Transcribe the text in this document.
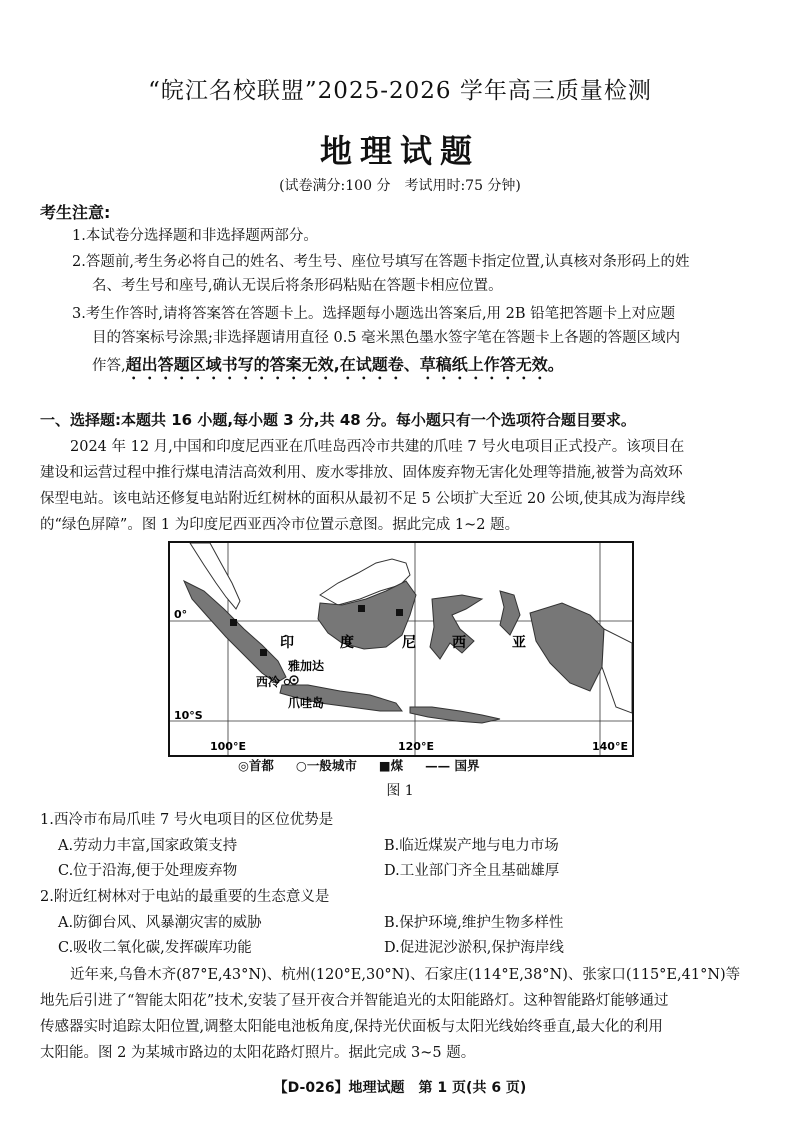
“皖江名校联盟”2025-2026 学年高三质量检测
地理试题
(试卷满分:100 分　考试用时:75 分钟)
考生注意:
1.本试卷分选择题和非选择题两部分。
2.答题前,考生务必将自己的姓名、考生号、座位号填写在答题卡指定位置,认真核对条形码上的姓
名、考生号和座号,确认无误后将条形码粘贴在答题卡相应位置。
3.考生作答时,请将答案答在答题卡上。选择题每小题选出答案后,用 2B 铅笔把答题卡上对应题
目的答案标号涂黑;非选择题请用直径 0.5 毫米黑色墨水签字笔在答题卡上各题的答题区域内
作答,超出答题区域书写的答案无效,在试题卷、草稿纸上作答无效。
一、选择题:本题共 16 小题,每小题 3 分,共 48 分。每小题只有一个选项符合题目要求。
2024 年 12 月,中国和印度尼西亚在爪哇岛西冷市共建的爪哇 7 号火电项目正式投产。该项目在
建设和运营过程中推行煤电清洁高效利用、废水零排放、固体废弃物无害化处理等措施,被誉为高效环
保型电站。该电站还修复电站附近红树林的面积从最初不足 5 公顷扩大至近 20 公顷,使其成为海岸线
的“绿色屏障”。图 1 为印度尼西亚西冷市位置示意图。据此完成 1~2 题。
0°
10°S
100°E	120°E	140°E
印	度	尼	西	亚
雅加达
西冷
爪哇岛
◎首都 ○一般城市 ■煤 —— 国界
图 1
1.西冷市布局爪哇 7 号火电项目的区位优势是
A.劳动力丰富,国家政策支持	B.临近煤炭产地与电力市场
C.位于沿海,便于处理废弃物	D.工业部门齐全且基础雄厚
2.附近红树林对于电站的最重要的生态意义是
A.防御台风、风暴潮灾害的威胁	B.保护环境,维护生物多样性
C.吸收二氧化碳,发挥碳库功能	D.促进泥沙淤积,保护海岸线
近年来,乌鲁木齐(87°E,43°N)、杭州(120°E,30°N)、石家庄(114°E,38°N)、张家口(115°E,41°N)等
地先后引进了“智能太阳花”技术,安装了昼开夜合并智能追光的太阳能路灯。这种智能路灯能够通过
传感器实时追踪太阳位置,调整太阳能电池板角度,保持光伏面板与太阳光线始终垂直,最大化的利用
太阳能。图 2 为某城市路边的太阳花路灯照片。据此完成 3~5 题。
【D-026】地理试题　第 1 页(共 6 页)
